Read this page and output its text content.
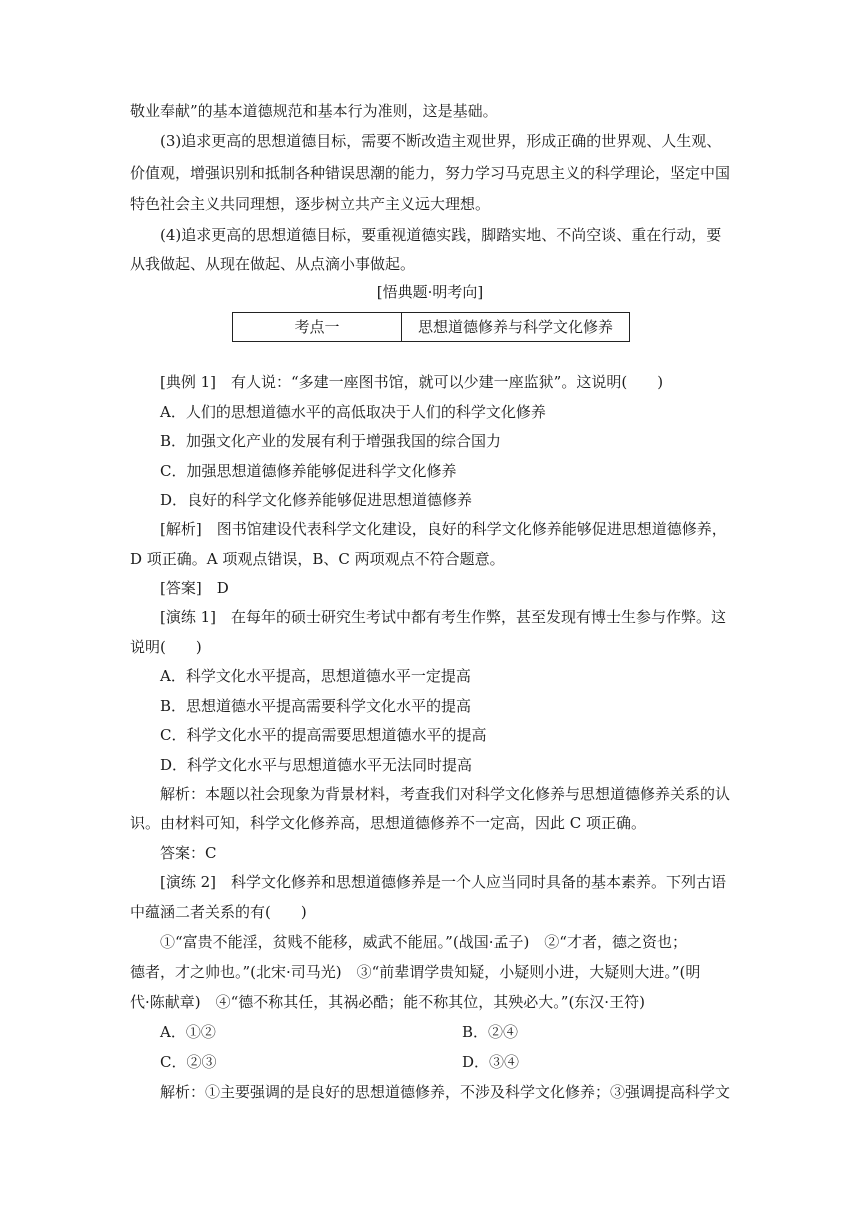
敬业奉献”的基本道德规范和基本行为准则，这是基础。
(3)追求更高的思想道德目标，需要不断改造主观世界，形成正确的世界观、人生观、
价值观，增强识别和抵制各种错误思潮的能力，努力学习马克思主义的科学理论，坚定中国
特色社会主义共同理想，逐步树立共产主义远大理想。
(4)追求更高的思想道德目标，要重视道德实践，脚踏实地、不尚空谈、重在行动，要
从我做起、从现在做起、从点滴小事做起。
[悟典题·明考向]
考点一	思想道德修养与科学文化修养
[典例 1]　有人说：“多建一座图书馆，就可以少建一座监狱”。这说明(　　)
A．人们的思想道德水平的高低取决于人们的科学文化修养
B．加强文化产业的发展有利于增强我国的综合国力
C．加强思想道德修养能够促进科学文化修养
D．良好的科学文化修养能够促进思想道德修养
[解析]　图书馆建设代表科学文化建设，良好的科学文化修养能够促进思想道德修养，
D 项正确。A 项观点错误，B、C 两项观点不符合题意。
[答案]　D
[演练 1]　在每年的硕士研究生考试中都有考生作弊，甚至发现有博士生参与作弊。这
说明(　　)
A．科学文化水平提高，思想道德水平一定提高
B．思想道德水平提高需要科学文化水平的提高
C．科学文化水平的提高需要思想道德水平的提高
D．科学文化水平与思想道德水平无法同时提高
解析：本题以社会现象为背景材料，考查我们对科学文化修养与思想道德修养关系的认
识。由材料可知，科学文化修养高，思想道德修养不一定高，因此 C 项正确。
答案：C
[演练 2]　科学文化修养和思想道德修养是一个人应当同时具备的基本素养。下列古语
中蕴涵二者关系的有(　　)
①“富贵不能淫，贫贱不能移，威武不能屈。”(战国·孟子)　②“才者，德之资也；
德者，才之帅也。”(北宋·司马光)　③“前辈谓学贵知疑，小疑则小进，大疑则大进。”(明
代·陈献章)　④“德不称其任，其祸必酷；能不称其位，其殃必大。”(东汉·王符)
A．①②	B．②④
C．②③	D．③④
解析：①主要强调的是良好的思想道德修养，不涉及科学文化修养；③强调提高科学文
